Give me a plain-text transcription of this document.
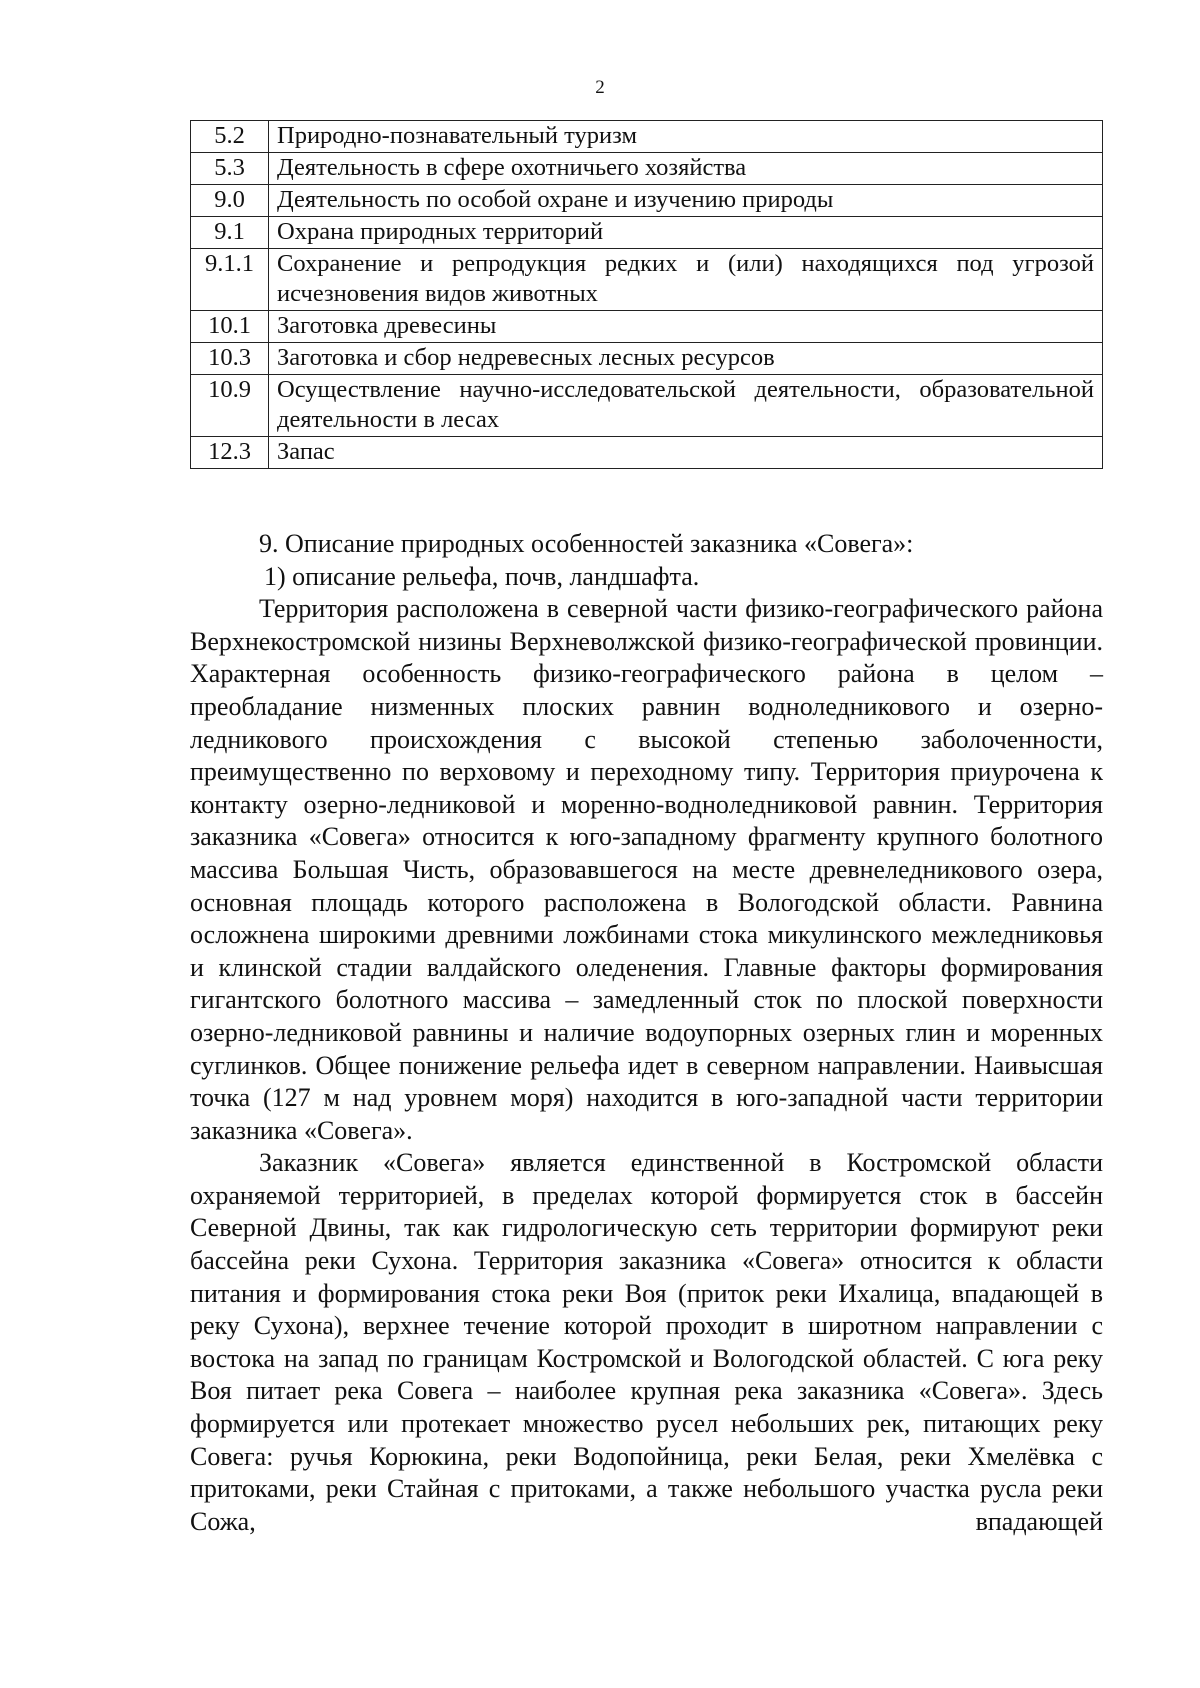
2
5.2	Природно-познавательный туризм
5.3	Деятельность в сфере охотничьего хозяйства
9.0	Деятельность по особой охране и изучению природы
9.1	Охрана природных территорий
9.1.1	Сохранение и репродукция редких и (или) находящихся под угрозой исчезновения видов животных
10.1	Заготовка древесины
10.3	Заготовка и сбор недревесных лесных ресурсов
10.9	Осуществление научно-исследовательской деятельности, образовательной деятельности в лесах
12.3	Запас

9. Описание природных особенностей заказника «Совега»:

1) описание рельефа, почв, ландшафта.

Территория расположена в северной части физико-географического района Верхнекостромской низины Верхневолжской физико-географической провинции. Характерная особенность физико-географического района в целом – преобладание низменных плоских равнин водноледникового и озерно-ледникового происхождения с высокой степенью заболоченности, преимущественно по верховому и переходному типу. Территория приурочена к контакту озерно-ледниковой и моренно-водноледниковой равнин. Территория заказника «Совега» относится к юго-западному фрагменту крупного болотного массива Большая Чисть, образовавшегося на месте древнеледникового озера, основная площадь которого расположена в Вологодской области. Равнина осложнена широкими древними ложбинами стока микулинского межледниковья и клинской стадии валдайского оледенения. Главные факторы формирования гигантского болотного массива – замедленный сток по плоской поверхности озерно-ледниковой равнины и наличие водоупорных озерных глин и моренных суглинков. Общее понижение рельефа идет в северном направлении. Наивысшая точка (127 м над уровнем моря) находится в юго-западной части территории заказника «Совега».

Заказник «Совега» является единственной в Костромской области охраняемой территорией, в пределах которой формируется сток в бассейн Северной Двины, так как гидрологическую сеть территории формируют реки бассейна реки Сухона. Территория заказника «Совега» относится к области питания и формирования стока реки Воя (приток реки Ихалица, впадающей в реку Сухона), верхнее течение которой проходит в широтном направлении с востока на запад по границам Костромской и Вологодской областей. С юга реку Воя питает река Совега – наиболее крупная река заказника «Совега». Здесь формируется или протекает множество русел небольших рек, питающих реку Совега: ручья Корюкина, реки Водопойница, реки Белая, реки Хмелёвка с притоками, реки Стайная с притоками, а также небольшого участка русла реки Сожа, впадающей
